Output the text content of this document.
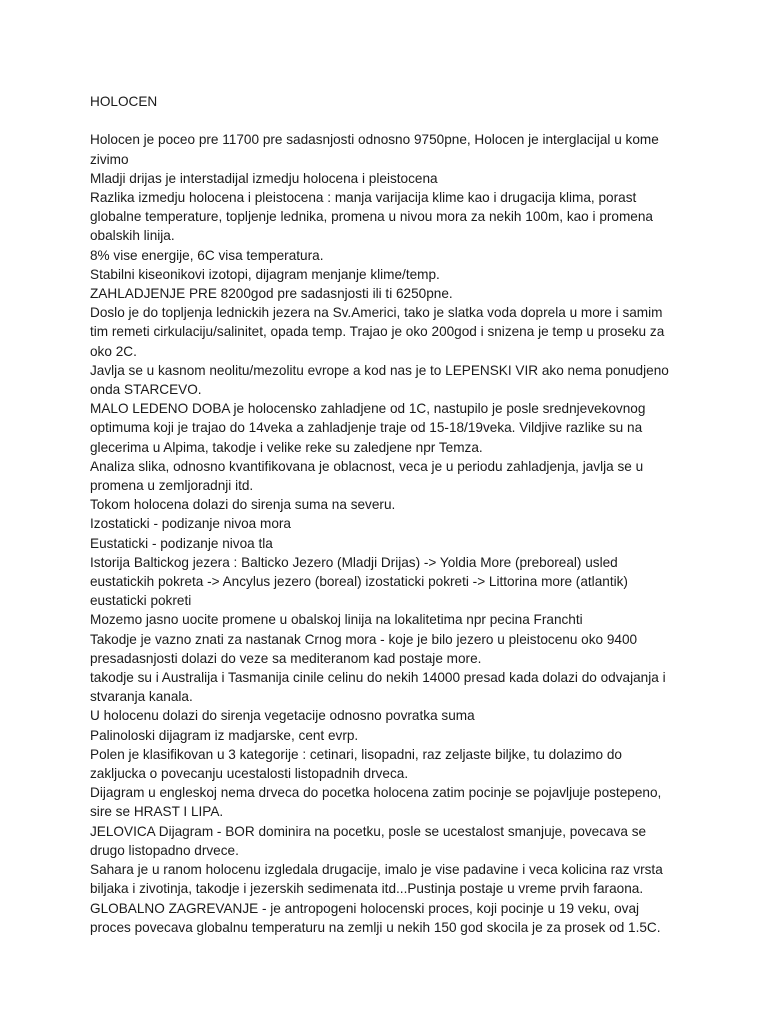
HOLOCEN

Holocen je poceo pre 11700 pre sadasnjosti odnosno 9750pne, Holocen je interglacijal u kome zivimo

Mladji drijas je interstadijal izmedju holocena i pleistocena

Razlika izmedju holocena i pleistocena : manja varijacija klime kao i drugacija klima, porast globalne temperature, topljenje lednika, promena u nivou mora za nekih 100m, kao i promena obalskih linija.

8% vise energije, 6C visa temperatura.

Stabilni kiseonikovi izotopi, dijagram menjanje klime/temp.

ZAHLADJENJE PRE 8200god pre sadasnjosti ili ti 6250pne.

Doslo je do topljenja lednickih jezera na Sv.Americi, tako je slatka voda doprela u more i samim tim remeti cirkulaciju/salinitet, opada temp. Trajao je oko 200god i snizena je temp u proseku za oko 2C.

Javlja se u kasnom neolitu/mezolitu evrope a kod nas je to LEPENSKI VIR ako nema ponudjeno onda STARCEVO.

MALO LEDENO DOBA je holocensko zahladjene od 1C, nastupilo je posle srednjevekovnog optimuma koji je trajao do 14veka a zahladjenje traje od 15-18/19veka. Vildjive razlike su na glecerima u Alpima, takodje i velike reke su zaledjene npr Temza.

Analiza slika, odnosno kvantifikovana je oblacnost, veca je u periodu zahladjenja, javlja se u promena u zemljoradnji itd.

Tokom holocena dolazi do sirenja suma na severu.

Izostaticki - podizanje nivoa mora

Eustaticki - podizanje nivoa tla

Istorija Baltickog jezera : Balticko Jezero (Mladji Drijas) -> Yoldia More (preboreal) usled eustatickih pokreta -> Ancylus jezero (boreal) izostaticki pokreti -> Littorina more (atlantik) eustaticki pokreti

Mozemo jasno uocite promene u obalskoj linija na lokalitetima npr pecina Franchti

Takodje je vazno znati za nastanak Crnog mora - koje je bilo jezero u pleistocenu oko 9400 presadasnjosti dolazi do veze sa mediteranom kad postaje more.

takodje su i Australija i Tasmanija cinile celinu do nekih 14000 presad kada dolazi do odvajanja i stvaranja kanala.

U holocenu dolazi do sirenja vegetacije odnosno povratka suma

Palinoloski dijagram iz madjarske, cent evrp.

Polen je klasifikovan u 3 kategorije : cetinari, lisopadni, raz zeljaste biljke, tu dolazimo do zakljucka o povecanju ucestalosti listopadnih drveca.

Dijagram u engleskoj nema drveca do pocetka holocena zatim pocinje se pojavljuje postepeno, sire se HRAST I LIPA.

JELOVICA Dijagram - BOR dominira na pocetku, posle se ucestalost smanjuje, povecava se drugo listopadno drvece.

Sahara je u ranom holocenu izgledala drugacije, imalo je vise padavine i veca kolicina raz vrsta biljaka i zivotinja, takodje i jezerskih sedimenata itd...Pustinja postaje u vreme prvih faraona.

GLOBALNO ZAGREVANJE - je antropogeni holocenski proces, koji pocinje u 19 veku, ovaj proces povecava globalnu temperaturu na zemlji u nekih 150 god skocila je za prosek od 1.5C.
